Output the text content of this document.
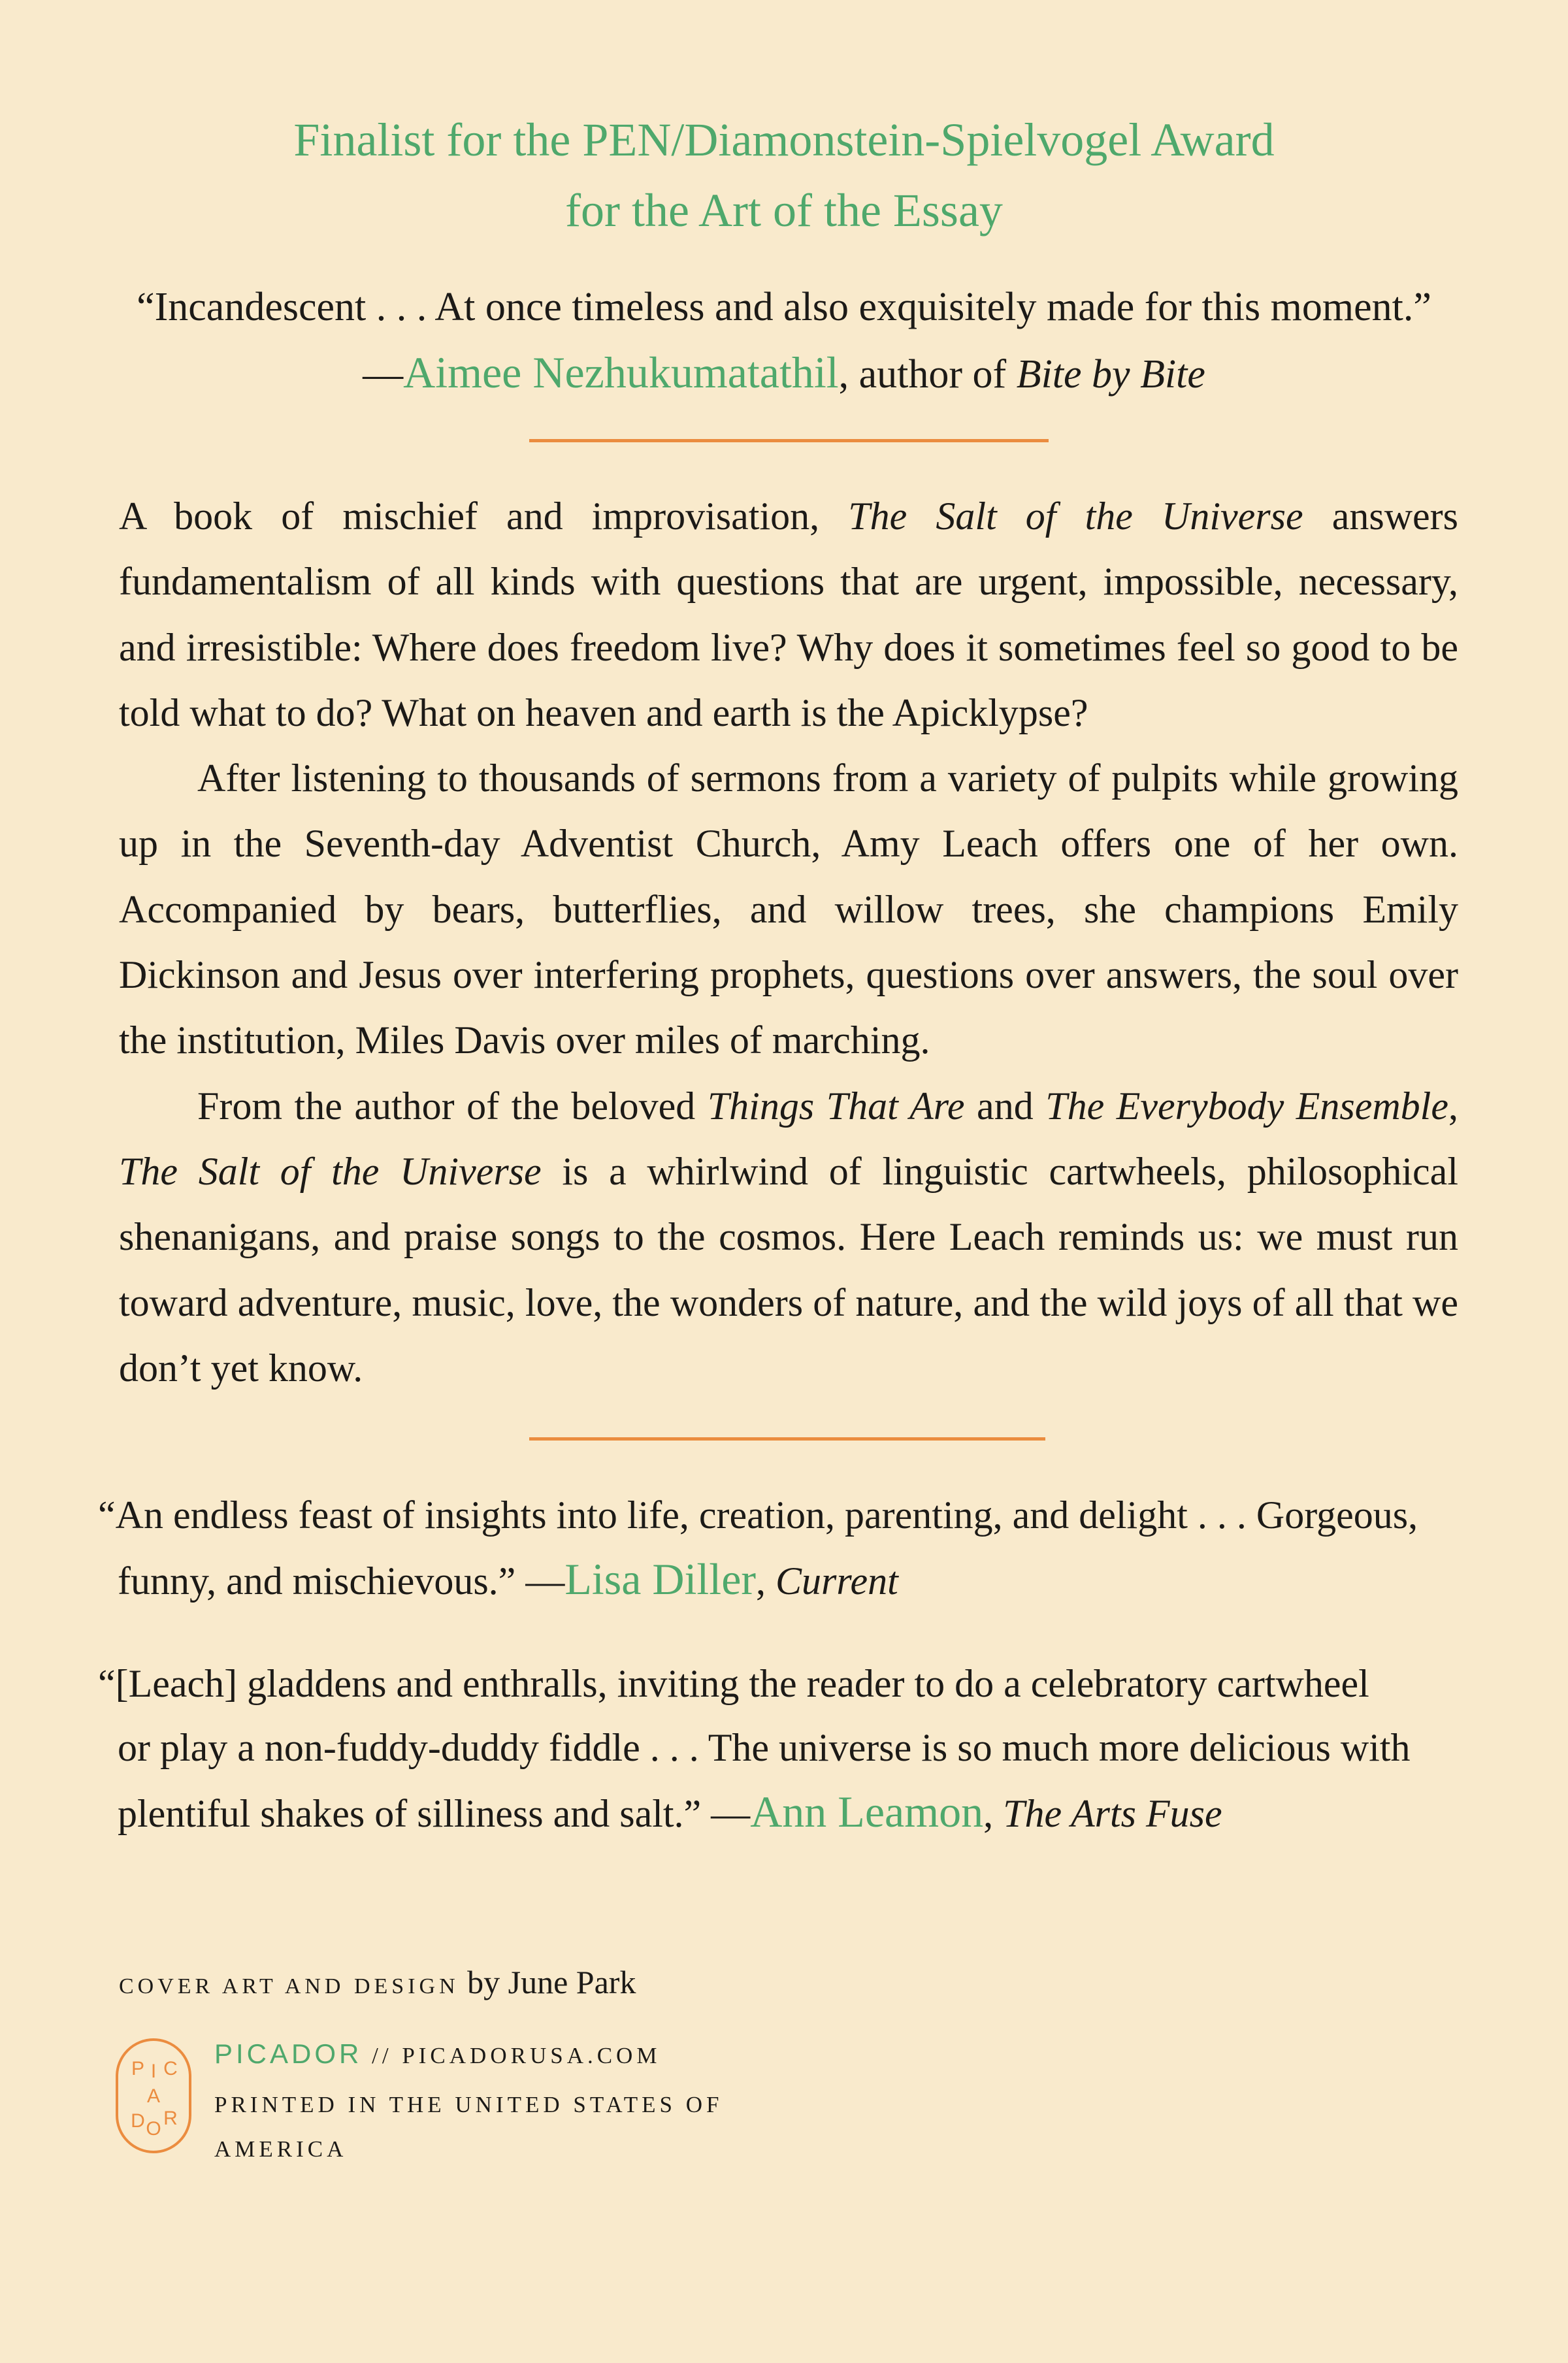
Finalist for the PEN/Diamonstein-Spielvogel Award
for the Art of the Essay
“Incandescent . . . At once timeless and also exquisitely made for this moment.”
—Aimee Nezhukumatathil, author of Bite by Bite

A book of mischief and improvisation, The Salt of the Universe answers fundamentalism of all kinds with questions that are urgent, impossible, necessary, and irresistible: Where does freedom live? Why does it sometimes feel so good to be told what to do? What on heaven and earth is the Apicklypse?

After listening to thousands of sermons from a variety of pulpits while growing up in the Seventh-day Adventist Church, Amy Leach offers one of her own. Accompanied by bears, butterflies, and willow trees, she champions Emily Dickinson and Jesus over interfering prophets, questions over answers, the soul over the institution, Miles Davis over miles of marching.

From the author of the beloved Things That Are and The Everybody Ensemble, The Salt of the Universe is a whirlwind of linguistic cartwheels, philosophical shenanigans, and praise songs to the cosmos. Here Leach reminds us: we must run toward adventure, music, love, the wonders of nature, and the wild joys of all that we don’t yet know.

“An endless feast of insights into life, creation, parenting, and delight . . . Gorgeous,
funny, and mischievous.” —Lisa Diller, Current
“[Leach] gladdens and enthralls, inviting the reader to do a celebratory cartwheel
or play a non-fuddy-duddy fiddle . . . The universe is so much more delicious with
plentiful shakes of silliness and salt.” —Ann Leamon, The Arts Fuse
COVER ART AND DESIGN by June Park
P I C
A
D O R
PICADOR // PICADORUSA.COM
PRINTED IN THE UNITED STATES OF
AMERICA
